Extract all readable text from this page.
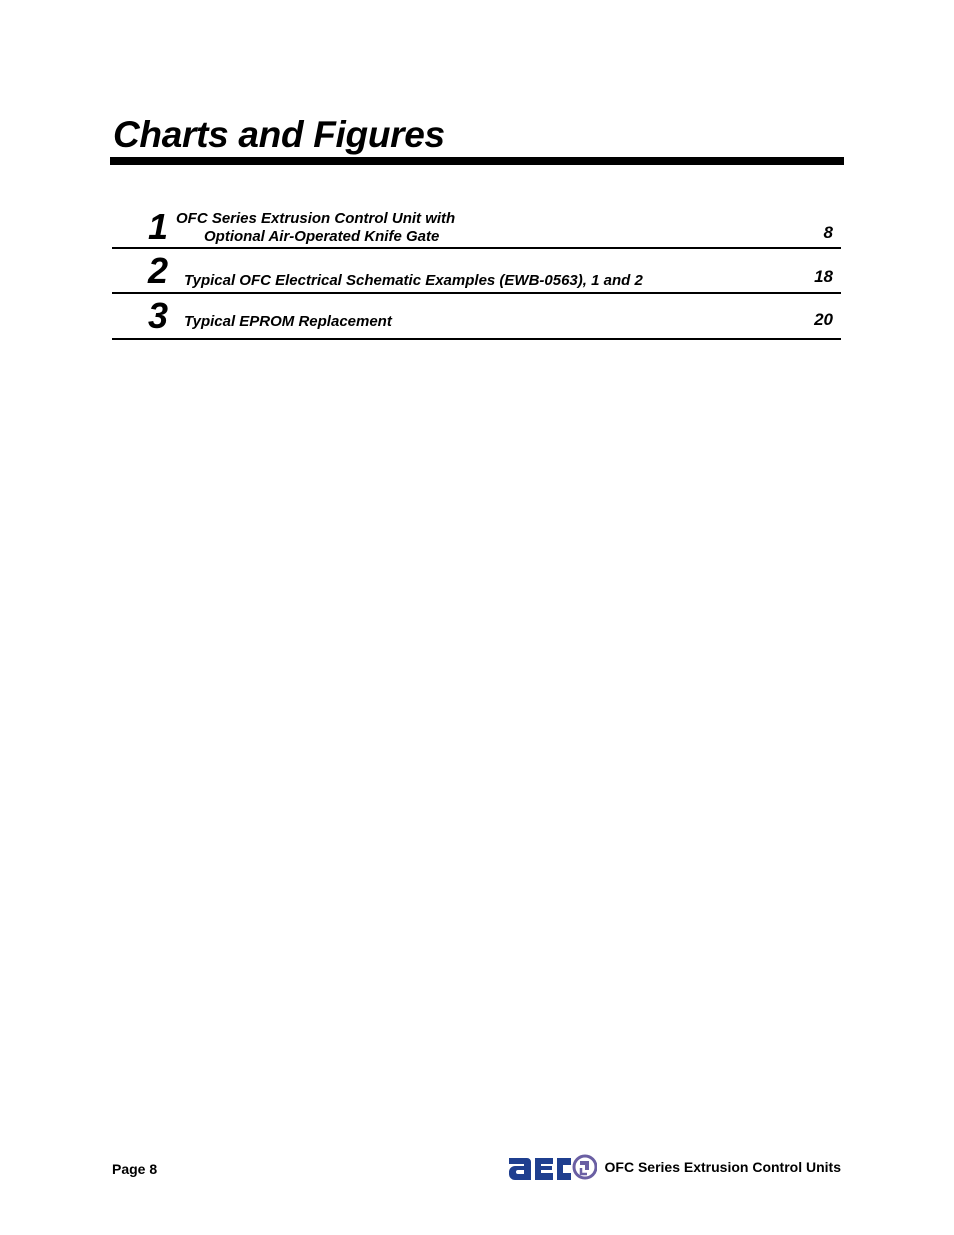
Charts and Figures
1 OFC Series Extrusion Control Unit with
Optional Air-Operated Knife Gate	8
2 Typical OFC Electrical Schematic Examples (EWB-0563), 1 and 2	18
3 Typical EPROM Replacement	20
Page 8	OFC Series Extrusion Control Units
